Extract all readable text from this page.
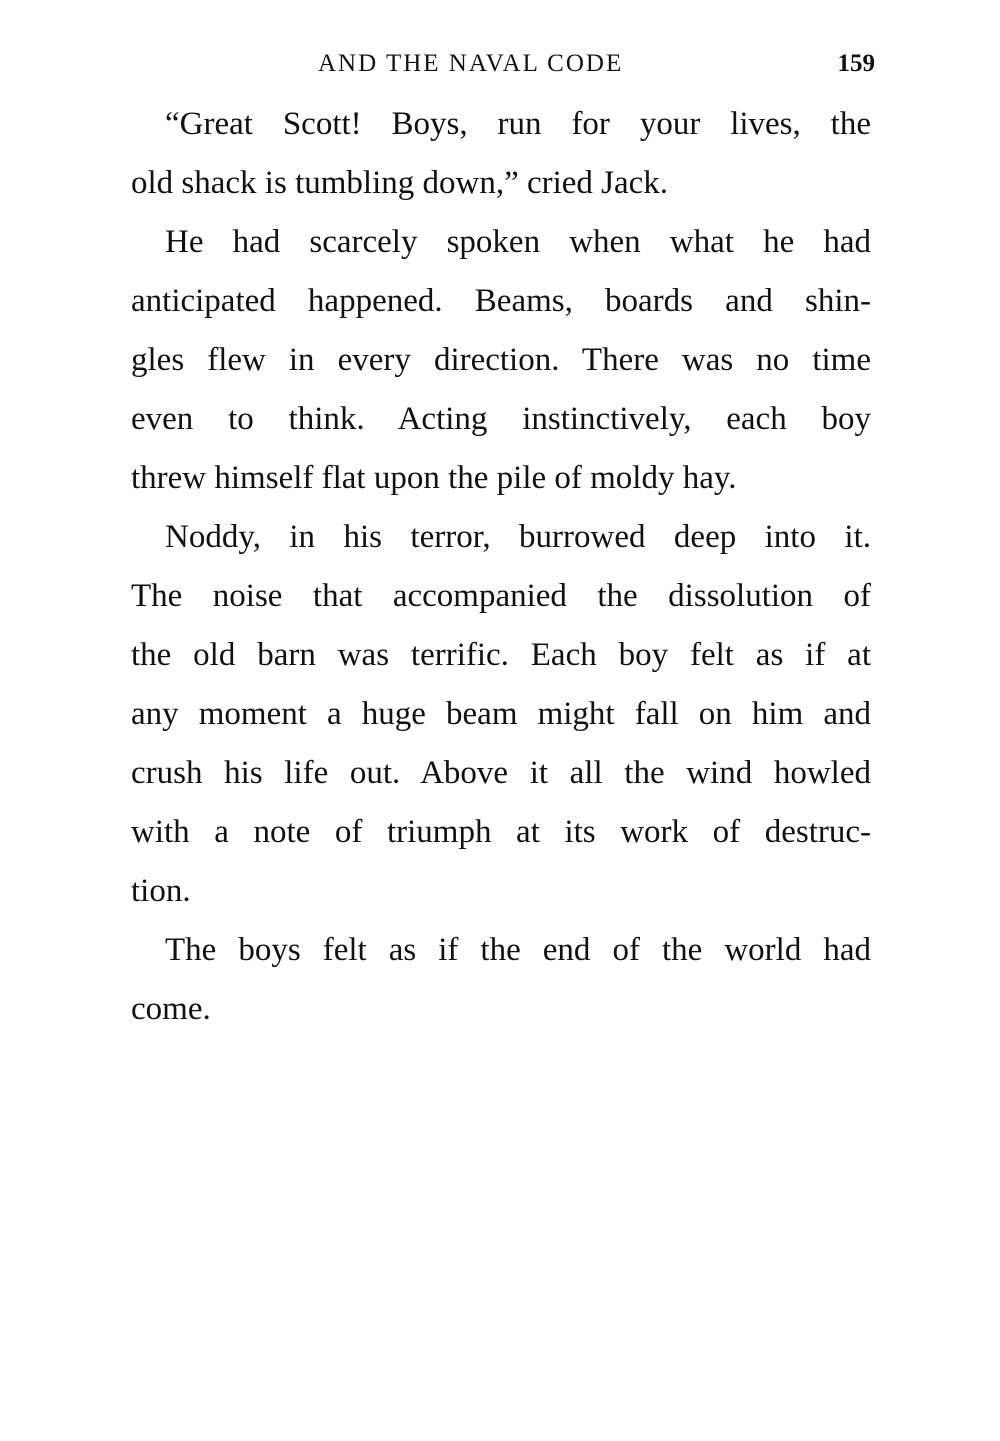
AND THE NAVAL CODE	159
“Great Scott! Boys, run for your lives, the
old shack is tumbling down,” cried Jack.
He had scarcely spoken when what he had
anticipated happened. Beams, boards and shin-
gles flew in every direction. There was no time
even to think. Acting instinctively, each boy
threw himself flat upon the pile of moldy hay.
Noddy, in his terror, burrowed deep into it.
The noise that accompanied the dissolution of
the old barn was terrific. Each boy felt as if at
any moment a huge beam might fall on him and
crush his life out. Above it all the wind howled
with a note of triumph at its work of destruc-
tion.
The boys felt as if the end of the world had
come.
